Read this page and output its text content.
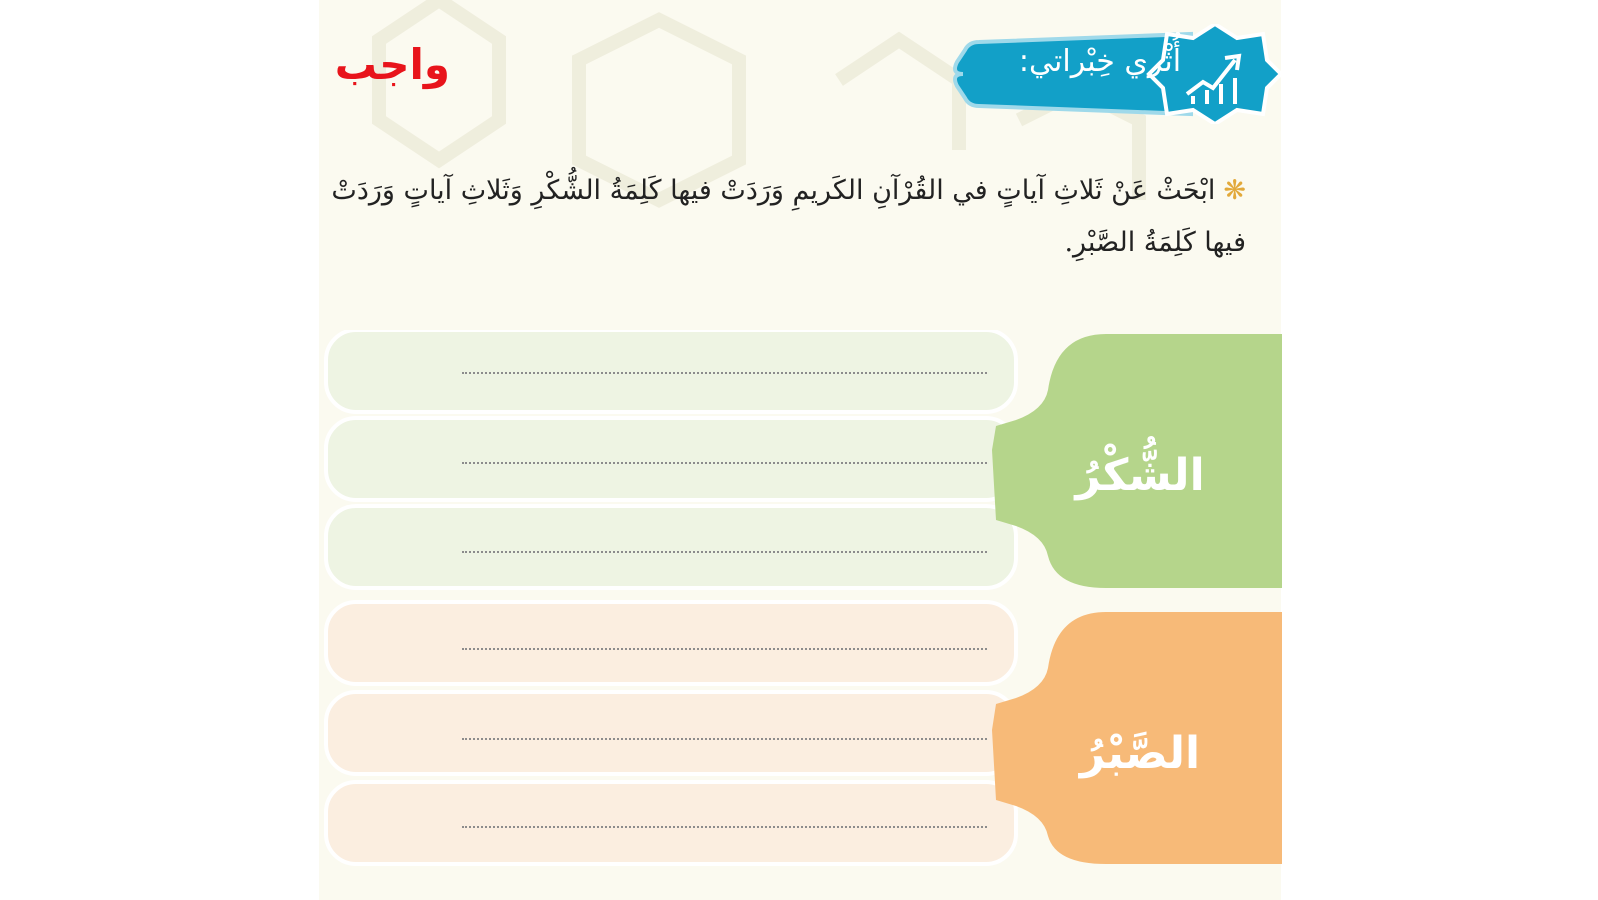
واجب	أُثْري خِبْراتي:
❋ابْحَثْ عَنْ ثَلاثِ آياتٍ في القُرْآنِ الكَريمِ وَرَدَتْ فيها كَلِمَةُ الشُّكْرِ وَثَلاثِ آياتٍ وَرَدَتْ فيها كَلِمَةُ الصَّبْرِ.
الشُّكْرُ
الصَّبْرُ
